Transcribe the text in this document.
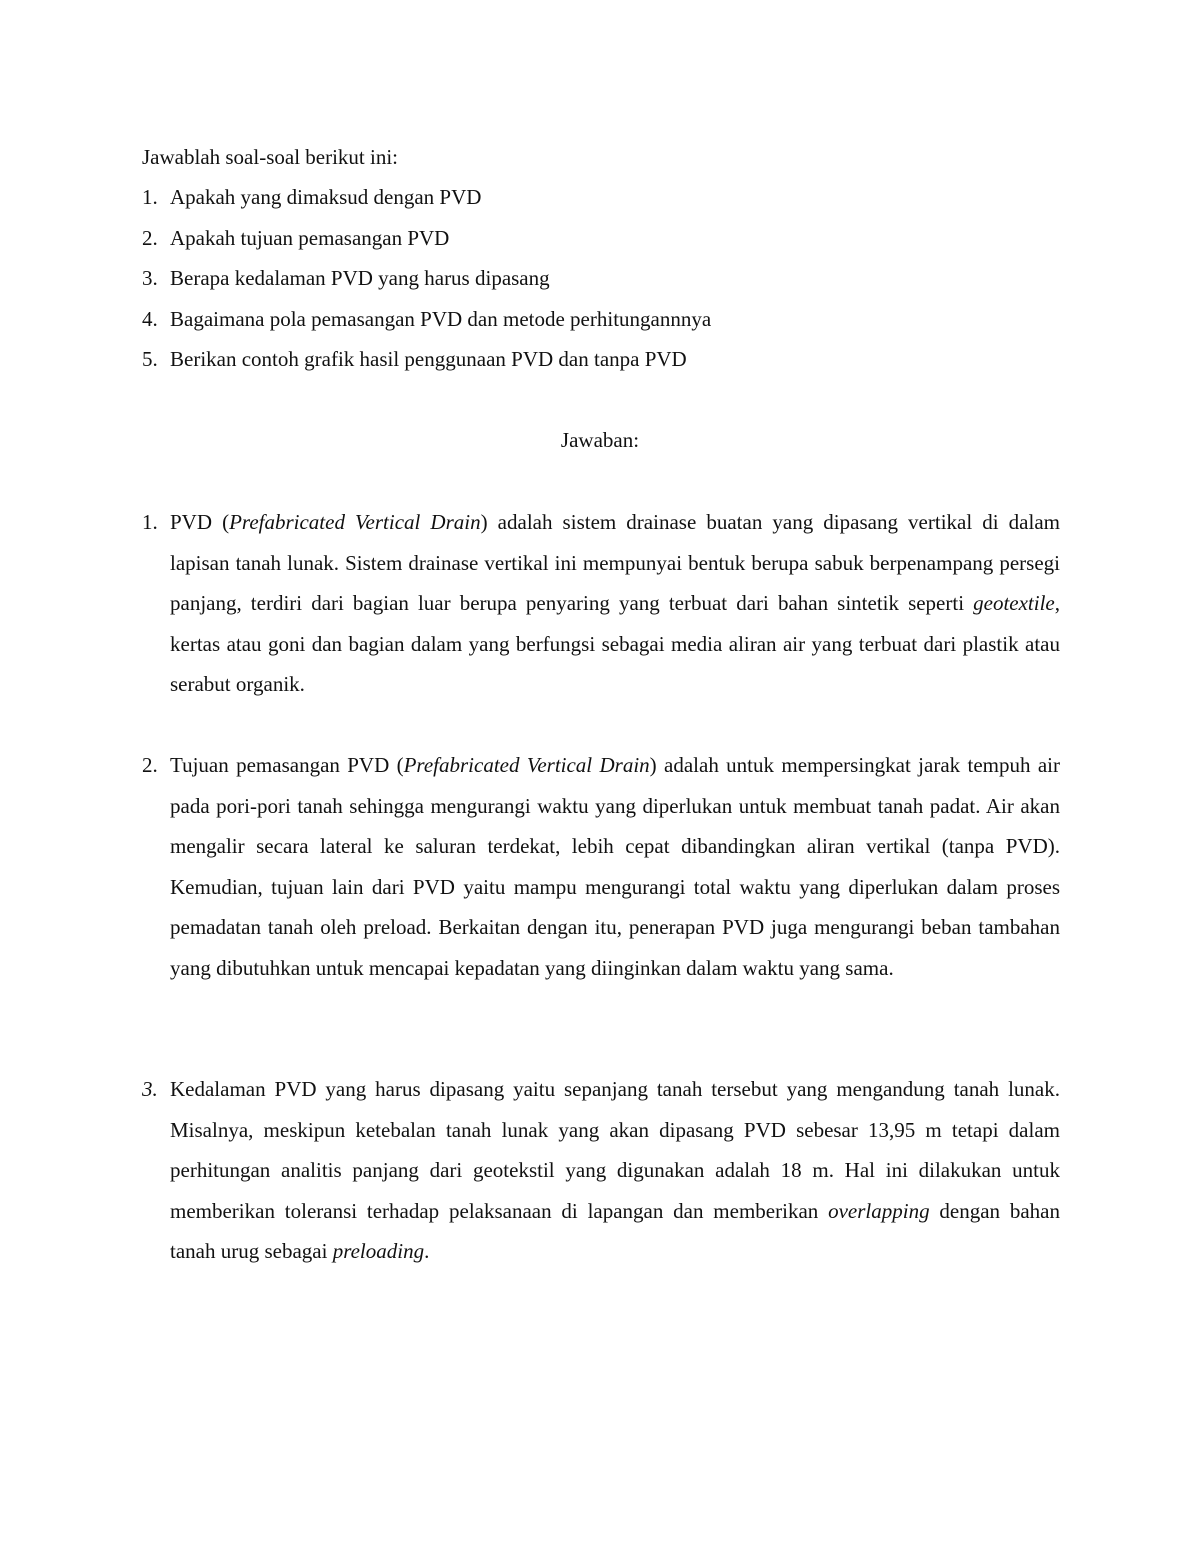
Jawablah soal-soal berikut ini:
1. Apakah yang dimaksud dengan PVD
2. Apakah tujuan pemasangan PVD
3. Berapa kedalaman PVD yang harus dipasang
4. Bagaimana pola pemasangan PVD dan metode perhitungannnya
5. Berikan contoh grafik hasil penggunaan PVD dan tanpa PVD
Jawaban:
1. PVD (Prefabricated Vertical Drain) adalah sistem drainase buatan yang dipasang vertikal di dalam lapisan tanah lunak. Sistem drainase vertikal ini mempunyai bentuk berupa sabuk berpenampang persegi panjang, terdiri dari bagian luar berupa penyaring yang terbuat dari bahan sintetik seperti geotextile, kertas atau goni dan bagian dalam yang berfungsi sebagai media aliran air yang terbuat dari plastik atau serabut organik.
2. Tujuan pemasangan PVD (Prefabricated Vertical Drain) adalah untuk mempersingkat jarak tempuh air pada pori-pori tanah sehingga mengurangi waktu yang diperlukan untuk membuat tanah padat. Air akan mengalir secara lateral ke saluran terdekat, lebih cepat dibandingkan aliran vertikal (tanpa PVD). Kemudian, tujuan lain dari PVD yaitu mampu mengurangi total waktu yang diperlukan dalam proses pemadatan tanah oleh preload. Berkaitan dengan itu, penerapan PVD juga mengurangi beban tambahan yang dibutuhkan untuk mencapai kepadatan yang diinginkan dalam waktu yang sama.
3. Kedalaman PVD yang harus dipasang yaitu sepanjang tanah tersebut yang mengandung tanah lunak. Misalnya, meskipun ketebalan tanah lunak yang akan dipasang PVD sebesar 13,95 m tetapi dalam perhitungan analitis panjang dari geotekstil yang digunakan adalah 18 m. Hal ini dilakukan untuk memberikan toleransi terhadap pelaksanaan di lapangan dan memberikan overlapping dengan bahan tanah urug sebagai preloading.
